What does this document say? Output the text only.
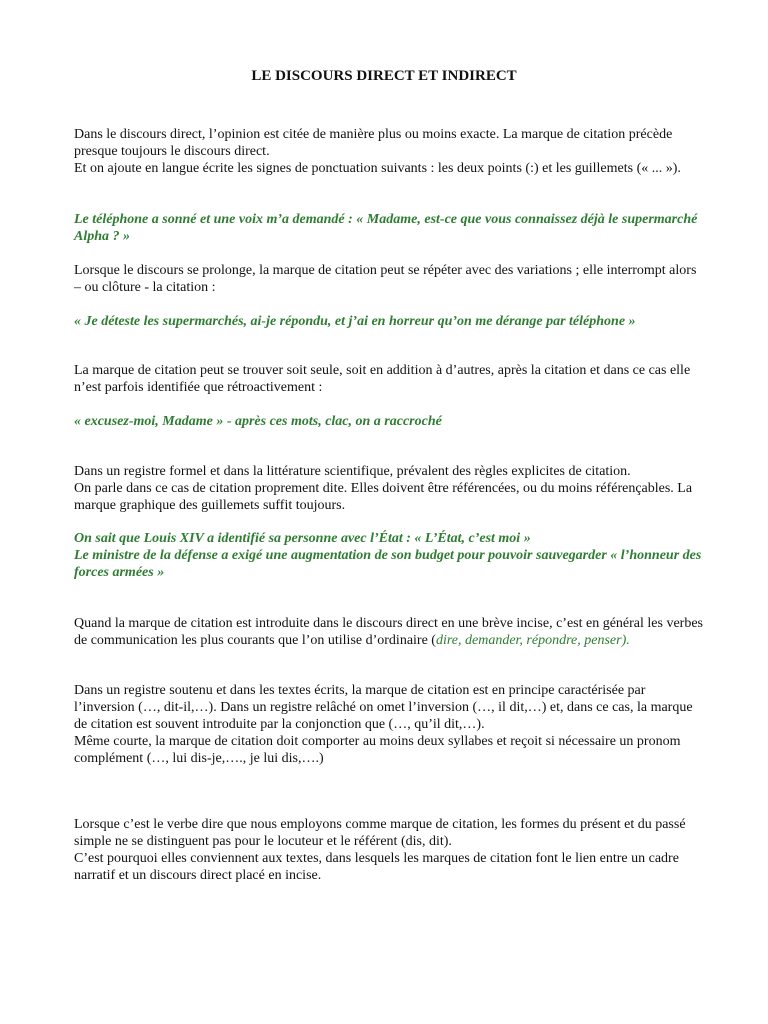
LE DISCOURS DIRECT ET INDIRECT

Dans le discours direct, l’opinion est citée de manière plus ou moins exacte. La marque de citation précède presque toujours le discours direct.
Et on ajoute en langue écrite les signes de ponctuation suivants : les deux points (:) et les guillemets (« ... »).

Le téléphone a sonné et une voix m’a demandé : « Madame, est-ce que vous connaissez déjà le supermarché Alpha ? »

Lorsque le discours se prolonge, la marque de citation peut se répéter avec des variations ; elle interrompt alors – ou clôture - la citation :

« Je déteste les supermarchés, ai-je répondu, et j’ai en horreur qu’on me dérange par téléphone »

La marque de citation peut se trouver soit seule, soit en addition à d’autres, après la citation et dans ce cas elle n’est parfois identifiée que rétroactivement :

« excusez-moi, Madame » - après ces mots, clac, on a raccroché

Dans un registre formel et dans la littérature scientifique, prévalent des règles explicites de citation.
On parle dans ce cas de citation proprement dite. Elles doivent être référencées, ou du moins référençables. La marque graphique des guillemets suffit toujours.

On sait que Louis XIV a identifié sa personne avec l’État : « L’État, c’est moi »
Le ministre de la défense a exigé une augmentation de son budget pour pouvoir sauvegarder « l’honneur des forces armées »

Quand la marque de citation est introduite dans le discours direct en une brève incise, c’est en général les verbes de communication les plus courants que l’on utilise d’ordinaire (dire, demander, répondre, penser).

Dans un registre soutenu et dans les textes écrits, la marque de citation est en principe caractérisée par l’inversion (…, dit-il,…). Dans un registre relâché on omet l’inversion (…, il dit,…) et, dans ce cas, la marque de citation est souvent introduite par la conjonction que (…, qu’il dit,…).
Même courte, la marque de citation doit comporter au moins deux syllabes et reçoit si nécessaire un pronom complément (…, lui dis-je,…., je lui dis,….)

Lorsque c’est le verbe dire que nous employons comme marque de citation, les formes du présent et du passé simple ne se distinguent pas pour le locuteur et le référent (dis, dit).
C’est pourquoi elles conviennent aux textes, dans lesquels les marques de citation font le lien entre un cadre narratif et un discours direct placé en incise.
